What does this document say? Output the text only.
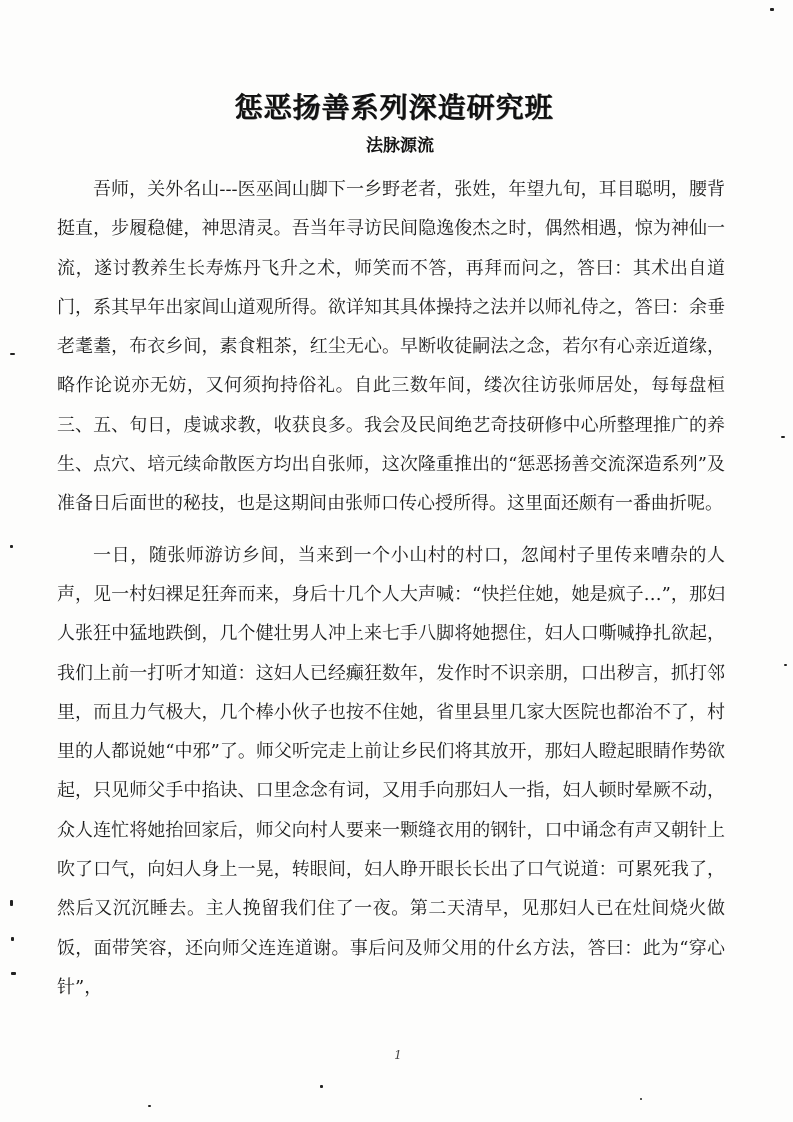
惩恶扬善系列深造研究班
法脉源流

吾师，关外名山---医巫闾山脚下一乡野老者，张姓，年望九旬，耳目聪明，腰背挺直，步履稳健，神思清灵。吾当年寻访民间隐逸俊杰之时，偶然相遇，惊为神仙一流，遂讨教养生长寿炼丹飞升之术，师笑而不答，再拜而问之，答曰：其术出自道门，系其早年出家闾山道观所得。欲详知其具体操持之法并以师礼侍之，答曰：余垂老耄耋，布衣乡间，素食粗茶，红尘无心。早断收徒嗣法之念，若尔有心亲近道缘，略作论说亦无妨，又何须拘持俗礼。自此三数年间，缕次往访张师居处，每每盘桓三、五、旬日，虔诚求教，收获良多。我会及民间绝艺奇技研修中心所整理推广的养生、点穴、培元续命散医方均出自张师，这次隆重推出的“惩恶扬善交流深造系列”及准备日后面世的秘技，也是这期间由张师口传心授所得。这里面还颇有一番曲折呢。

一日，随张师游访乡间，当来到一个小山村的村口，忽闻村子里传来嘈杂的人声，见一村妇裸足狂奔而来，身后十几个人大声喊：“快拦住她，她是疯子…”，那妇人张狂中猛地跌倒，几个健壮男人冲上来七手八脚将她摁住，妇人口嘶喊挣扎欲起，我们上前一打听才知道：这妇人已经癫狂数年，发作时不识亲朋，口出秽言，抓打邻里，而且力气极大，几个棒小伙子也按不住她，省里县里几家大医院也都治不了，村里的人都说她“中邪”了。师父听完走上前让乡民们将其放开，那妇人瞪起眼睛作势欲起，只见师父手中掐诀、口里念念有词，又用手向那妇人一指，妇人顿时晕厥不动，众人连忙将她抬回家后，师父向村人要来一颗缝衣用的钢针，口中诵念有声又朝针上吹了口气，向妇人身上一晃，转眼间，妇人睁开眼长长出了口气说道：可累死我了，然后又沉沉睡去。主人挽留我们住了一夜。第二天清早，见那妇人已在灶间烧火做饭，面带笑容，还向师父连连道谢。事后问及师父用的什幺方法，答曰：此为“穿心针”，

1
